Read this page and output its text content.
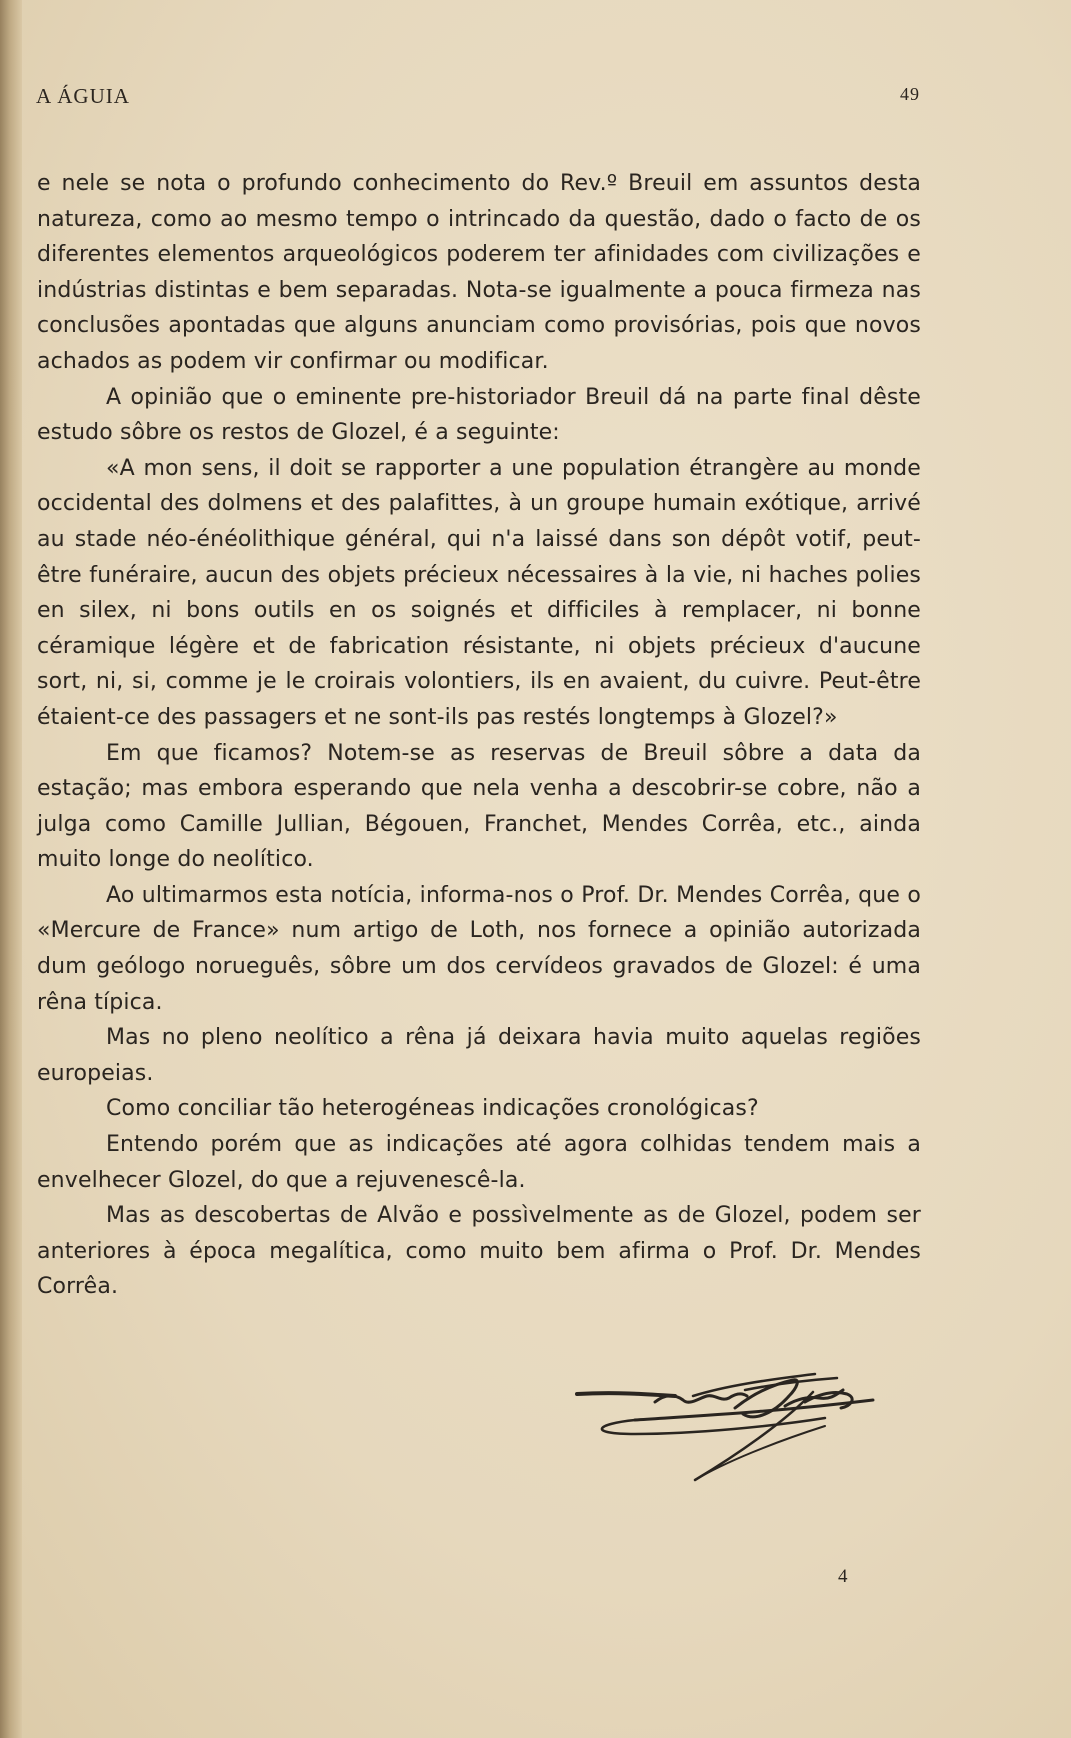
A ÁGUIA	49

e nele se nota o profundo conhecimento do Rev.º Breuil em assuntos desta natureza, como ao mesmo tempo o intrincado da questão, dado o facto de os diferentes elementos arqueológicos poderem ter afinidades com civilizações e indústrias distintas e bem separadas. Nota-se igualmente a pouca firmeza nas conclusões apontadas que alguns anunciam como provisórias, pois que novos achados as podem vir confirmar ou modificar.

A opinião que o eminente pre-historiador Breuil dá na parte final dêste estudo sôbre os restos de Glozel, é a seguinte:

«A mon sens, il doit se rapporter a une population étrangère au monde occidental des dolmens et des palafittes, à un groupe humain exótique, arrivé au stade néo-énéolithique général, qui n'a laissé dans son dépôt votif, peut-être funéraire, aucun des objets précieux nécessaires à la vie, ni haches polies en silex, ni bons outils en os soignés et difficiles à remplacer, ni bonne céramique légère et de fabrication résistante, ni objets précieux d'aucune sort, ni, si, comme je le croirais volontiers, ils en avaient, du cuivre. Peut-être étaient-ce des passagers et ne sont-ils pas restés longtemps à Glozel?»

Em que ficamos? Notem-se as reservas de Breuil sôbre a data da estação; mas embora esperando que nela venha a descobrir-se cobre, não a julga como Camille Jullian, Bégouen, Franchet, Mendes Corrêa, etc., ainda muito longe do neolítico.

Ao ultimarmos esta notícia, informa-nos o Prof. Dr. Mendes Corrêa, que o «Mercure de France» num artigo de Loth, nos fornece a opinião autorizada dum geólogo norueguês, sôbre um dos cervídeos gravados de Glozel: é uma rêna típica.

Mas no pleno neolítico a rêna já deixara havia muito aquelas regiões europeias.

Como conciliar tão heterogéneas indicações cronológicas?

Entendo porém que as indicações até agora colhidas tendem mais a envelhecer Glozel, do que a rejuvenescê-la.

Mas as descobertas de Alvão e possìvelmente as de Glozel, podem ser anteriores à época megalítica, como muito bem afirma o Prof. Dr. Mendes Corrêa.

4
